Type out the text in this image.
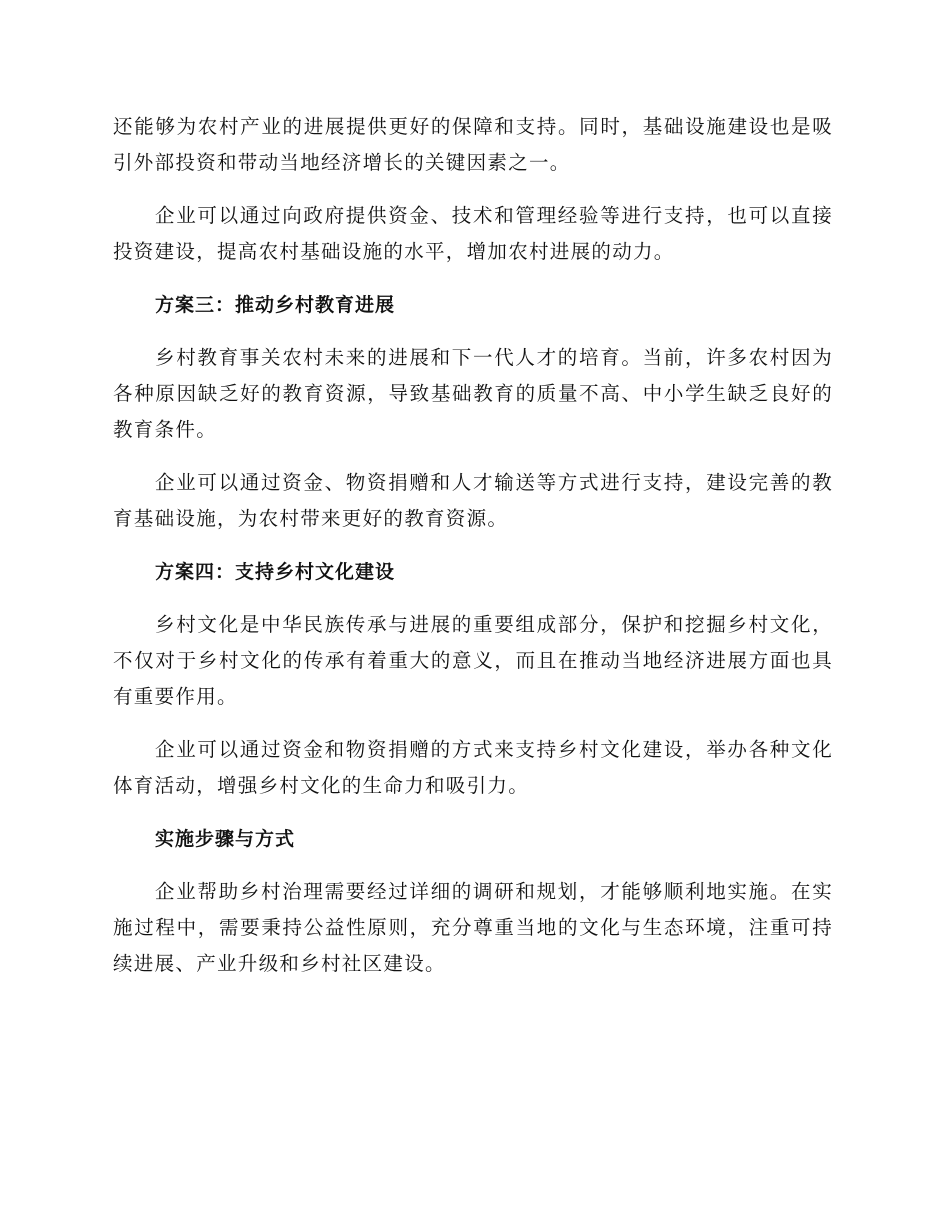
还能够为农村产业的进展提供更好的保障和支持。同时，基础设施建设也是吸引外部投资和带动当地经济增长的关键因素之一。

企业可以通过向政府提供资金、技术和管理经验等进行支持，也可以直接投资建设，提高农村基础设施的水平，增加农村进展的动力。

方案三：推动乡村教育进展

乡村教育事关农村未来的进展和下一代人才的培育。当前，许多农村因为各种原因缺乏好的教育资源，导致基础教育的质量不高、中小学生缺乏良好的教育条件。

企业可以通过资金、物资捐赠和人才输送等方式进行支持，建设完善的教育基础设施，为农村带来更好的教育资源。

方案四：支持乡村文化建设

乡村文化是中华民族传承与进展的重要组成部分，保护和挖掘乡村文化，不仅对于乡村文化的传承有着重大的意义，而且在推动当地经济进展方面也具有重要作用。

企业可以通过资金和物资捐赠的方式来支持乡村文化建设，举办各种文化体育活动，增强乡村文化的生命力和吸引力。

实施步骤与方式

企业帮助乡村治理需要经过详细的调研和规划，才能够顺利地实施。在实施过程中，需要秉持公益性原则，充分尊重当地的文化与生态环境，注重可持续进展、产业升级和乡村社区建设。
